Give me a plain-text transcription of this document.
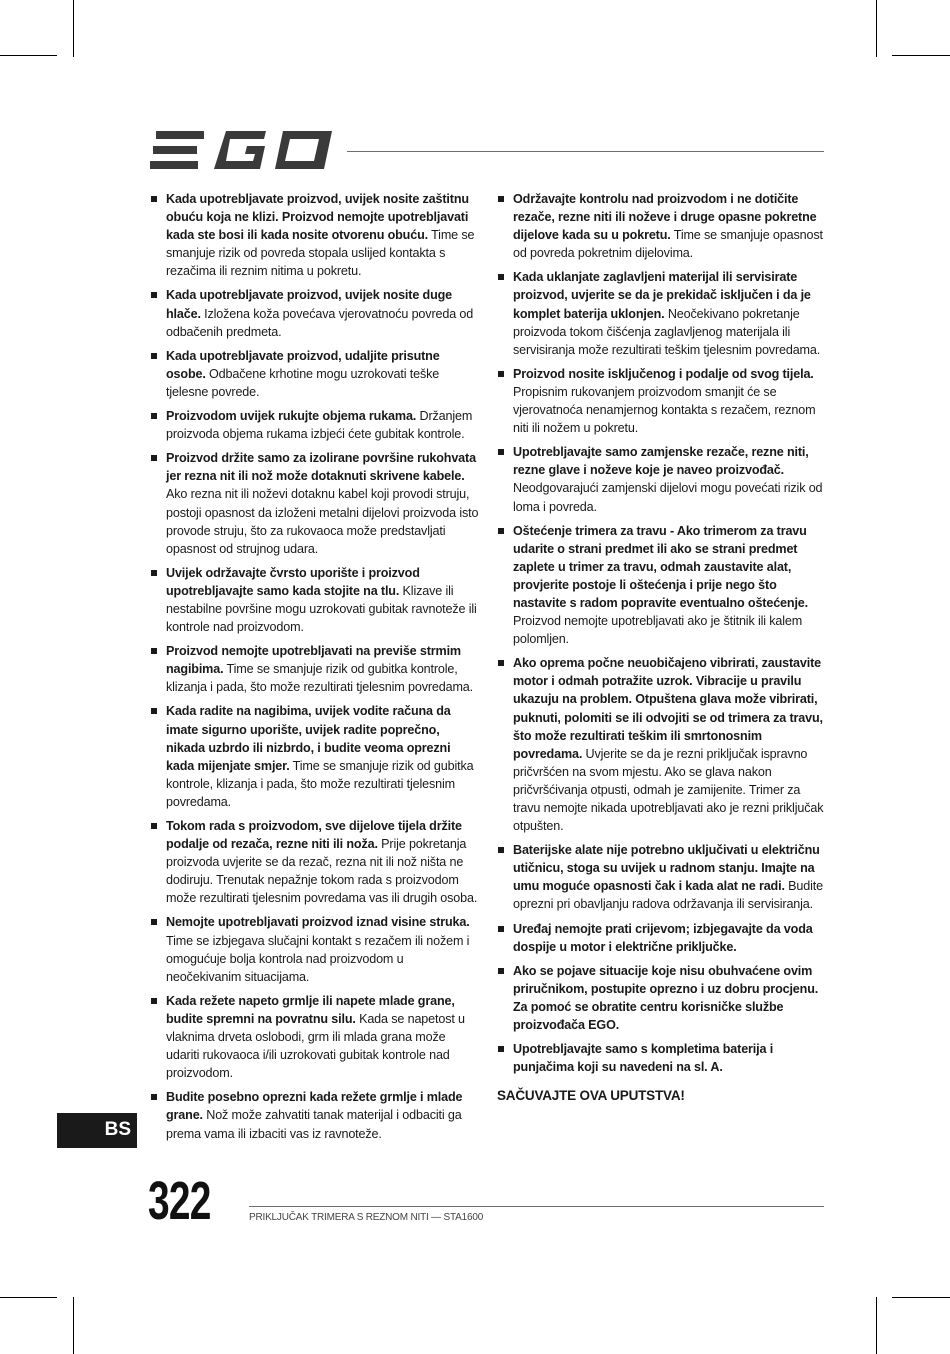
Kada upotrebljavate proizvod, uvijek nosite zaštitnu obuću koja ne klizi. Proizvod nemojte upotrebljavati kada ste bosi ili kada nosite otvorenu obuću. Time se smanjuje rizik od povreda stopala uslijed kontakta s rezačima ili reznim nitima u pokretu.
Kada upotrebljavate proizvod, uvijek nosite duge hlače. Izložena koža povećava vjerovatnoću povreda od odbačenih predmeta.
Kada upotrebljavate proizvod, udaljite prisutne osobe. Odbačene krhotine mogu uzrokovati teške tjelesne povrede.
Proizvodom uvijek rukujte objema rukama. Držanjem proizvoda objema rukama izbjeći ćete gubitak kontrole.
Proizvod držite samo za izolirane površine rukohvata jer rezna nit ili nož može dotaknuti skrivene kabele. Ako rezna nit ili noževi dotaknu kabel koji provodi struju, postoji opasnost da izloženi metalni dijelovi proizvoda isto provode struju, što za rukovaoca može predstavljati opasnost od strujnog udara.
Uvijek održavajte čvrsto uporište i proizvod upotrebljavajte samo kada stojite na tlu. Klizave ili nestabilne površine mogu uzrokovati gubitak ravnoteže ili kontrole nad proizvodom.
Proizvod nemojte upotrebljavati na previše strmim nagibima. Time se smanjuje rizik od gubitka kontrole, klizanja i pada, što može rezultirati tjelesnim povredama.
Kada radite na nagibima, uvijek vodite računa da imate sigurno uporište, uvijek radite poprečno, nikada uzbrdo ili nizbrdo, i budite veoma oprezni kada mijenjate smjer. Time se smanjuje rizik od gubitka kontrole, klizanja i pada, što može rezultirati tjelesnim povredama.
Tokom rada s proizvodom, sve dijelove tijela držite podalje od rezača, rezne niti ili noža. Prije pokretanja proizvoda uvjerite se da rezač, rezna nit ili nož ništa ne dodiruju. Trenutak nepažnje tokom rada s proizvodom može rezultirati tjelesnim povredama vas ili drugih osoba.
Nemojte upotrebljavati proizvod iznad visine struka. Time se izbjegava slučajni kontakt s rezačem ili nožem i omogućuje bolja kontrola nad proizvodom u neočekivanim situacijama.
Kada režete napeto grmlje ili napete mlade grane, budite spremni na povratnu silu. Kada se napetost u vlaknima drveta oslobodi, grm ili mlada grana može udariti rukovaoca i/ili uzrokovati gubitak kontrole nad proizvodom.
Budite posebno oprezni kada režete grmlje i mlade grane. Nož može zahvatiti tanak materijal i odbaciti ga prema vama ili izbaciti vas iz ravnoteže.
Održavajte kontrolu nad proizvodom i ne dotičite rezače, rezne niti ili noževe i druge opasne pokretne dijelove kada su u pokretu. Time se smanjuje opasnost od povreda pokretnim dijelovima.
Kada uklanjate zaglavljeni materijal ili servisirate proizvod, uvjerite se da je prekidač isključen i da je komplet baterija uklonjen. Neočekivano pokretanje proizvoda tokom čišćenja zaglavljenog materijala ili servisiranja može rezultirati teškim tjelesnim povredama.
Proizvod nosite isključenog i podalje od svog tijela. Propisnim rukovanjem proizvodom smanjit će se vjerovatnoća nenamjernog kontakta s rezačem, reznom niti ili nožem u pokretu.
Upotrebljavajte samo zamjenske rezače, rezne niti, rezne glave i noževe koje je naveo proizvođač. Neodgovarajući zamjenski dijelovi mogu povećati rizik od loma i povreda.
Oštećenje trimera za travu - Ako trimerom za travu udarite o strani predmet ili ako se strani predmet zaplete u trimer za travu, odmah zaustavite alat, provjerite postoje li oštećenja i prije nego što nastavite s radom popravite eventualno oštećenje. Proizvod nemojte upotrebljavati ako je štitnik ili kalem polomljen.
Ako oprema počne neuobičajeno vibrirati, zaustavite motor i odmah potražite uzrok. Vibracije u pravilu ukazuju na problem. Otpuštena glava može vibrirati, puknuti, polomiti se ili odvojiti se od trimera za travu, što može rezultirati teškim ili smrtonosnim povredama. Uvjerite se da je rezni priključak ispravno pričvršćen na svom mjestu. Ako se glava nakon pričvršćivanja otpusti, odmah je zamijenite. Trimer za travu nemojte nikada upotrebljavati ako je rezni priključak otpušten.
Baterijske alate nije potrebno uključivati u električnu utičnicu, stoga su uvijek u radnom stanju. Imajte na umu moguće opasnosti čak i kada alat ne radi. Budite oprezni pri obavljanju radova održavanja ili servisiranja.
Uređaj nemojte prati crijevom; izbjegavajte da voda dospije u motor i električne priključke.
Ako se pojave situacije koje nisu obuhvaćene ovim priručnikom, postupite oprezno i uz dobru procjenu. Za pomoć se obratite centru korisničke službe proizvođača EGO.
Upotrebljavajte samo s kompletima baterija i punjačima koji su navedeni na sl. A.
SAČUVAJTE OVA UPUTSTVA!
BS
322	PRIKLJUČAK TRIMERA S REZNOM NITI — STA1600
